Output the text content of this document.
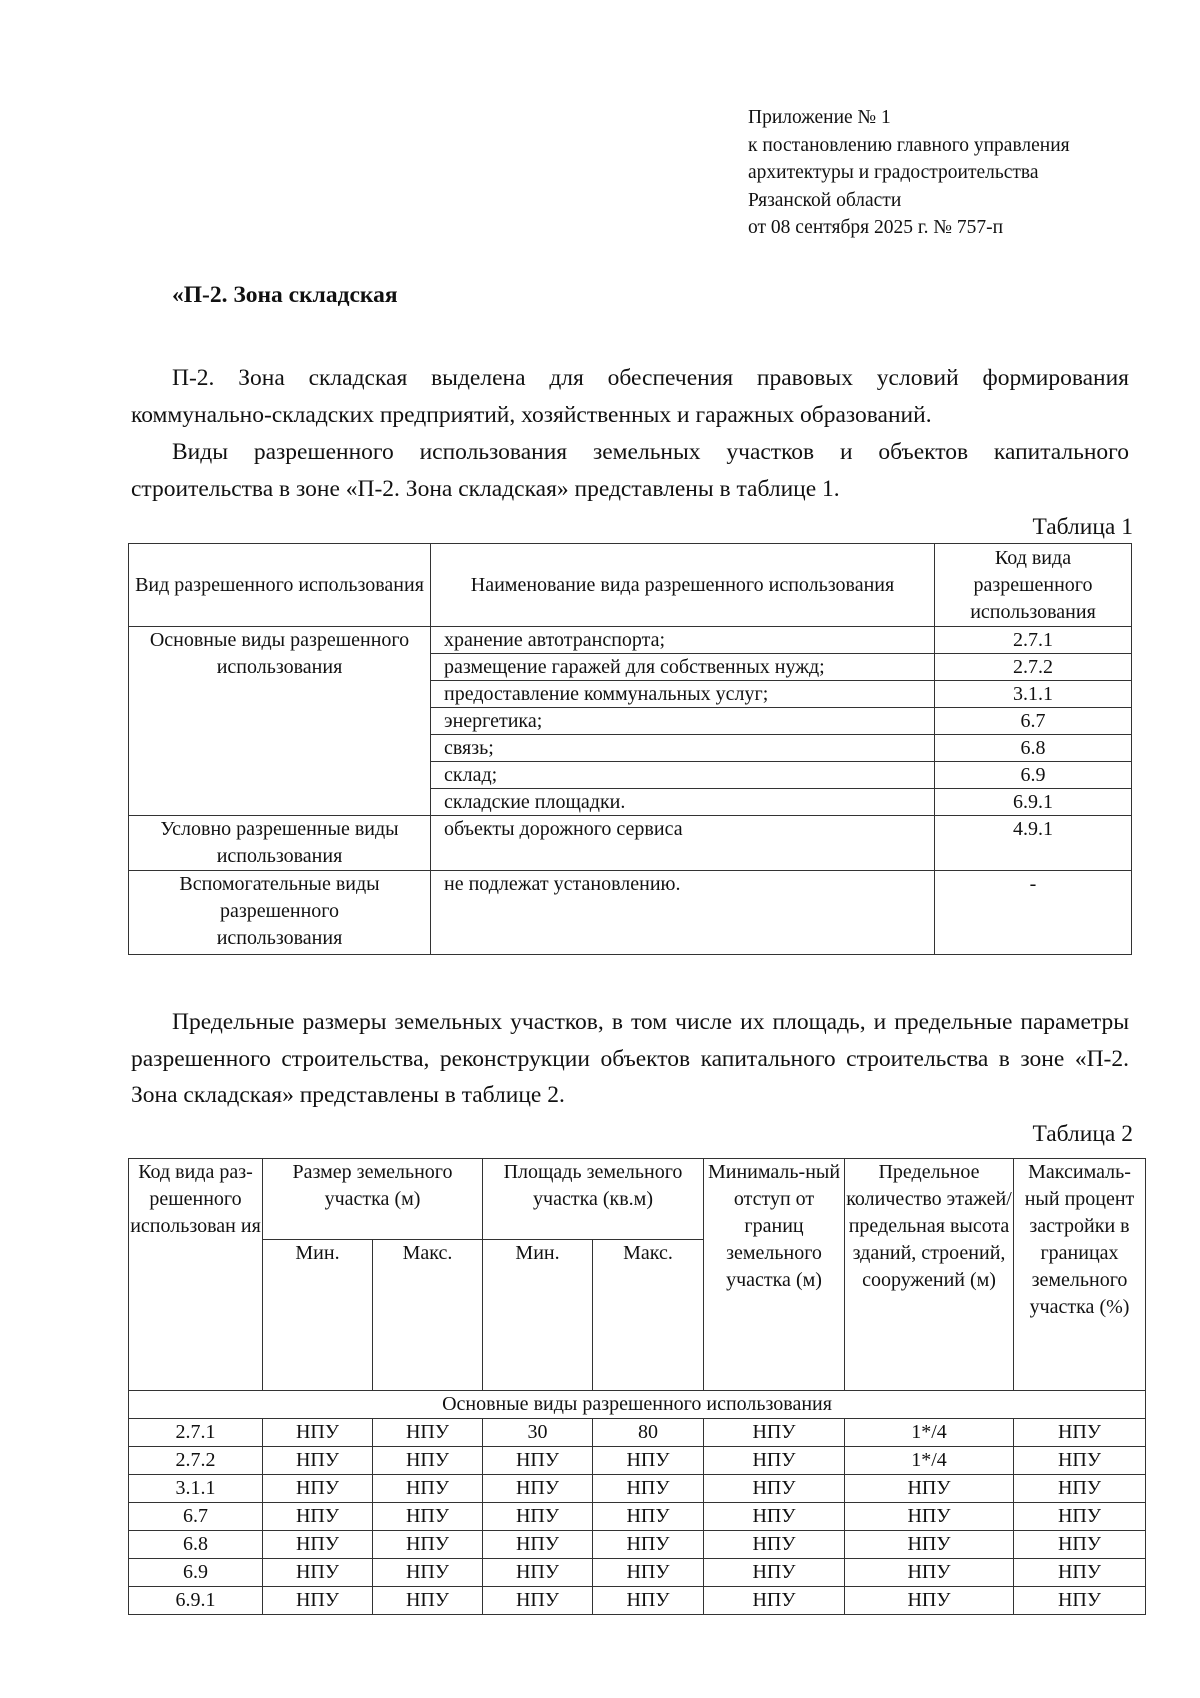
Приложение № 1
к постановлению главного управления
архитектуры и градостроительства
Рязанской области
от 08 сентября 2025 г. № 757-п
«П-2. Зона складская
П-2. Зона складская выделена для обеспечения правовых условий формирования коммунально-складских предприятий, хозяйственных и гаражных образований.
Виды разрешенного использования земельных участков и объектов капитального строительства в зоне «П-2. Зона складская» представлены в таблице 1.
Таблица 1
Вид разрешенного использования	Наименование вида разрешенного использования	Код вида разрешенного использования
Основные виды разрешенного использования	хранение автотранспорта;	2.7.1
	размещение гаражей для собственных нужд;	2.7.2
	предоставление коммунальных услуг;	3.1.1
	энергетика;	6.7
	связь;	6.8
	склад;	6.9
	складские площадки.	6.9.1
Условно разрешенные виды использования	объекты дорожного сервиса	4.9.1
Вспомогательные виды разрешенного использования	не подлежат установлению.	-
Предельные размеры земельных участков, в том числе их площадь, и предельные параметры разрешенного строительства, реконструкции объектов капитального строительства в зоне «П-2. Зона складская» представлены в таблице 2.
Таблица 2
Код вида раз-решенного использован ия	Размер земельного участка (м)		Площадь земельного участка (кв.м)		Минималь-ный отступ от границ земельного участка (м)	Предельное количество этажей/ предельная высота зданий, строений, сооружений (м)	Максималь-ный процент застройки в границах земельного участка (%)
	Мин.	Макс.	Мин.	Макс.			
Основные виды разрешенного использования							
2.7.1	НПУ	НПУ	30	80	НПУ	1*/4	НПУ
2.7.2	НПУ	НПУ	НПУ	НПУ	НПУ	1*/4	НПУ
3.1.1	НПУ	НПУ	НПУ	НПУ	НПУ	НПУ	НПУ
6.7	НПУ	НПУ	НПУ	НПУ	НПУ	НПУ	НПУ
6.8	НПУ	НПУ	НПУ	НПУ	НПУ	НПУ	НПУ
6.9	НПУ	НПУ	НПУ	НПУ	НПУ	НПУ	НПУ
6.9.1	НПУ	НПУ	НПУ	НПУ	НПУ	НПУ	НПУ
